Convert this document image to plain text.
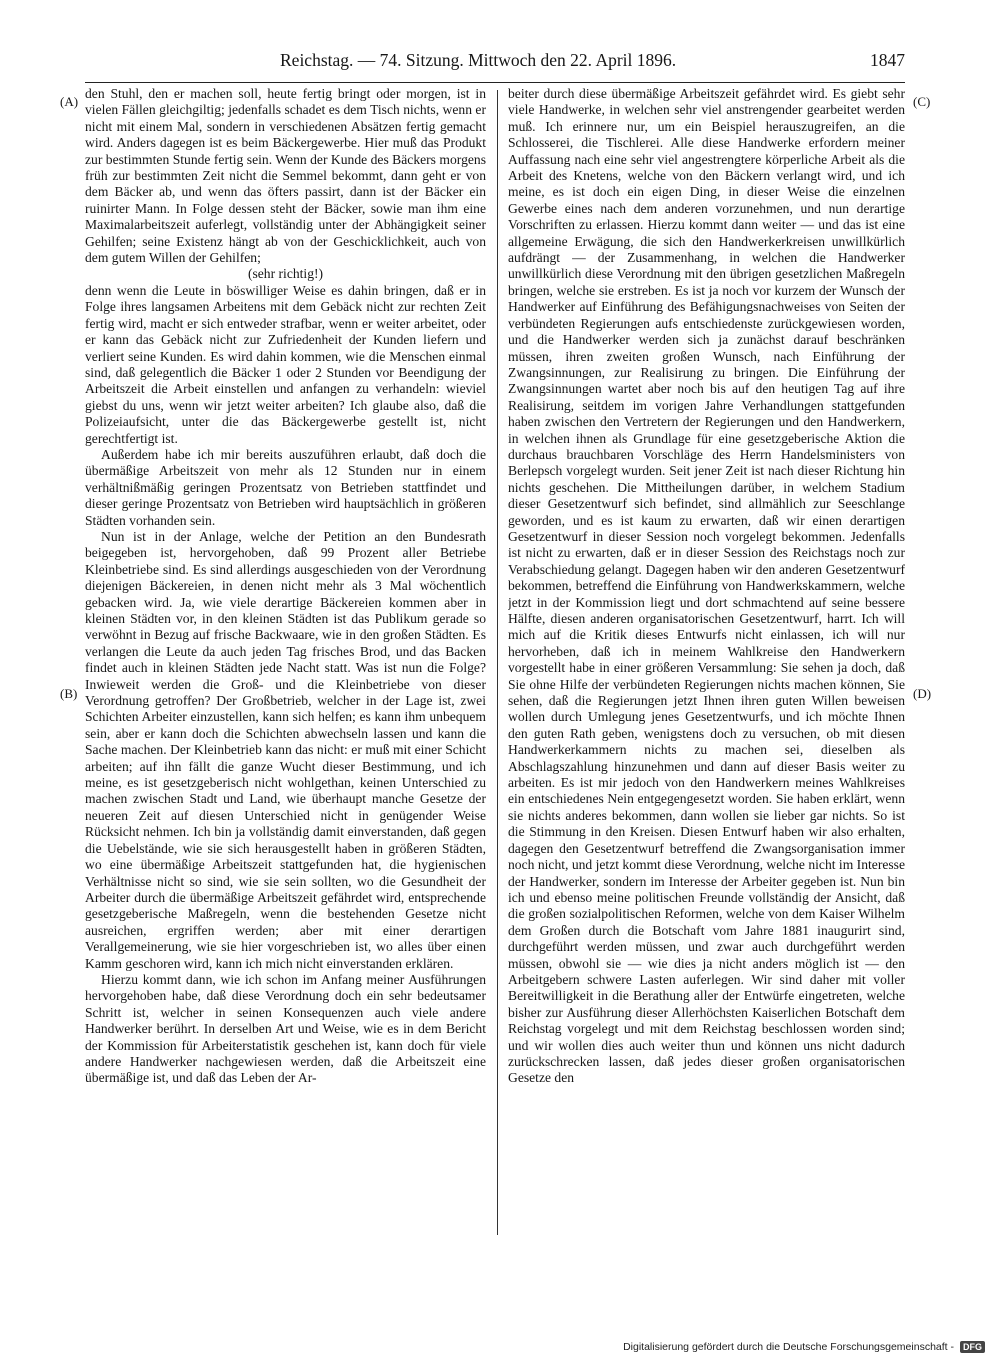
Reichstag. — 74. Sitzung. Mittwoch den 22. April 1896.	1847
(A)
(B)
(C)
(D)

den Stuhl, den er machen soll, heute fertig bringt oder morgen, ist in vielen Fällen gleichgiltig; jedenfalls schadet es dem Tisch nichts, wenn er nicht mit einem Mal, sondern in verschiedenen Absätzen fertig gemacht wird. Anders dagegen ist es beim Bäckergewerbe. Hier muß das Produkt zur bestimmten Stunde fertig sein. Wenn der Kunde des Bäckers morgens früh zur bestimmten Zeit nicht die Semmel bekommt, dann geht er von dem Bäcker ab, und wenn das öfters passirt, dann ist der Bäcker ein ruinirter Mann. In Folge dessen steht der Bäcker, sowie man ihm eine Maximalarbeitszeit auferlegt, vollständig unter der Abhängigkeit seiner Gehilfen; seine Existenz hängt ab von der Geschicklichkeit, auch von dem gutem Willen der Gehilfen;

(sehr richtig!)

denn wenn die Leute in böswilliger Weise es dahin bringen, daß er in Folge ihres langsamen Arbeitens mit dem Gebäck nicht zur rechten Zeit fertig wird, macht er sich entweder strafbar, wenn er weiter arbeitet, oder er kann das Gebäck nicht zur Zufriedenheit der Kunden liefern und verliert seine Kunden. Es wird dahin kommen, wie die Menschen einmal sind, daß gelegentlich die Bäcker 1 oder 2 Stunden vor Beendigung der Arbeitszeit die Arbeit einstellen und anfangen zu verhandeln: wieviel giebst du uns, wenn wir jetzt weiter arbeiten? Ich glaube also, daß die Polizeiaufsicht, unter die das Bäckergewerbe gestellt ist, nicht gerechtfertigt ist.

Außerdem habe ich mir bereits auszuführen erlaubt, daß doch die übermäßige Arbeitszeit von mehr als 12 Stunden nur in einem verhältnißmäßig geringen Prozentsatz von Betrieben stattfindet und dieser geringe Prozentsatz von Betrieben wird hauptsächlich in größeren Städten vorhanden sein.

Nun ist in der Anlage, welche der Petition an den Bundesrath beigegeben ist, hervorgehoben, daß 99 Prozent aller Betriebe Kleinbetriebe sind. Es sind allerdings ausgeschieden von der Verordnung diejenigen Bäckereien, in denen nicht mehr als 3 Mal wöchentlich gebacken wird. Ja, wie viele derartige Bäckereien kommen aber in kleinen Städten vor, in den kleinen Städten ist das Publikum gerade so verwöhnt in Bezug auf frische Backwaare, wie in den großen Städten. Es verlangen die Leute da auch jeden Tag frisches Brod, und das Backen findet auch in kleinen Städten jede Nacht statt. Was ist nun die Folge? Inwieweit werden die Groß- und die Kleinbetriebe von dieser Verordnung getroffen? Der Großbetrieb, welcher in der Lage ist, zwei Schichten Arbeiter einzustellen, kann sich helfen; es kann ihm unbequem sein, aber er kann doch die Schichten abwechseln lassen und kann die Sache machen. Der Kleinbetrieb kann das nicht: er muß mit einer Schicht arbeiten; auf ihn fällt die ganze Wucht dieser Bestimmung, und ich meine, es ist gesetzgeberisch nicht wohlgethan, keinen Unterschied zu machen zwischen Stadt und Land, wie überhaupt manche Gesetze der neueren Zeit auf diesen Unterschied nicht in genügender Weise Rücksicht nehmen. Ich bin ja vollständig damit einverstanden, daß gegen die Uebelstände, wie sie sich herausgestellt haben in größeren Städten, wo eine übermäßige Arbeitszeit stattgefunden hat, die hygienischen Verhältnisse nicht so sind, wie sie sein sollten, wo die Gesundheit der Arbeiter durch die übermäßige Arbeitszeit gefährdet wird, entsprechende gesetzgeberische Maßregeln, wenn die bestehenden Gesetze nicht ausreichen, ergriffen werden; aber mit einer derartigen Verallgemeinerung, wie sie hier vorgeschrieben ist, wo alles über einen Kamm geschoren wird, kann ich mich nicht einverstanden erklären.

Hierzu kommt dann, wie ich schon im Anfang meiner Ausführungen hervorgehoben habe, daß diese Verordnung doch ein sehr bedeutsamer Schritt ist, welcher in seinen Konsequenzen auch viele andere Handwerker berührt. In derselben Art und Weise, wie es in dem Bericht der Kommission für Arbeiterstatistik geschehen ist, kann doch für viele andere Handwerker nachgewiesen werden, daß die Arbeitszeit eine übermäßige ist, und daß das Leben der Ar-

beiter durch diese übermäßige Arbeitszeit gefährdet wird. Es giebt sehr viele Handwerke, in welchen sehr viel anstrengender gearbeitet werden muß. Ich erinnere nur, um ein Beispiel herauszugreifen, an die Schlosserei, die Tischlerei. Alle diese Handwerke erfordern meiner Auffassung nach eine sehr viel angestrengtere körperliche Arbeit als die Arbeit des Knetens, welche von den Bäckern verlangt wird, und ich meine, es ist doch ein eigen Ding, in dieser Weise die einzelnen Gewerbe eines nach dem anderen vorzunehmen, und nun derartige Vorschriften zu erlassen. Hierzu kommt dann weiter — und das ist eine allgemeine Erwägung, die sich den Handwerkerkreisen unwillkürlich aufdrängt — der Zusammenhang, in welchen die Handwerker unwillkürlich diese Verordnung mit den übrigen gesetzlichen Maßregeln bringen, welche sie erstreben. Es ist ja noch vor kurzem der Wunsch der Handwerker auf Einführung des Befähigungsnachweises von Seiten der verbündeten Regierungen aufs entschiedenste zurückgewiesen worden, und die Handwerker werden sich ja zunächst darauf beschränken müssen, ihren zweiten großen Wunsch, nach Einführung der Zwangsinnungen, zur Realisirung zu bringen. Die Einführung der Zwangsinnungen wartet aber noch bis auf den heutigen Tag auf ihre Realisirung, seitdem im vorigen Jahre Verhandlungen stattgefunden haben zwischen den Vertretern der Regierungen und den Handwerkern, in welchen ihnen als Grundlage für eine gesetzgeberische Aktion die durchaus brauchbaren Vorschläge des Herrn Handelsministers von Berlepsch vorgelegt wurden. Seit jener Zeit ist nach dieser Richtung hin nichts geschehen. Die Mittheilungen darüber, in welchem Stadium dieser Gesetzentwurf sich befindet, sind allmählich zur Seeschlange geworden, und es ist kaum zu erwarten, daß wir einen derartigen Gesetzentwurf in dieser Session noch vorgelegt bekommen. Jedenfalls ist nicht zu erwarten, daß er in dieser Session des Reichstags noch zur Verabschiedung gelangt. Dagegen haben wir den anderen Gesetzentwurf bekommen, betreffend die Einführung von Handwerkskammern, welche jetzt in der Kommission liegt und dort schmachtend auf seine bessere Hälfte, diesen anderen organisatorischen Gesetzentwurf, harrt. Ich will mich auf die Kritik dieses Entwurfs nicht einlassen, ich will nur hervorheben, daß ich in meinem Wahlkreise den Handwerkern vorgestellt habe in einer größeren Versammlung: Sie sehen ja doch, daß Sie ohne Hilfe der verbündeten Regierungen nichts machen können, Sie sehen, daß die Regierungen jetzt Ihnen ihren guten Willen beweisen wollen durch Umlegung jenes Gesetzentwurfs, und ich möchte Ihnen den guten Rath geben, wenigstens doch zu versuchen, ob mit diesen Handwerkerkammern nichts zu machen sei, dieselben als Abschlagszahlung hinzunehmen und dann auf dieser Basis weiter zu arbeiten. Es ist mir jedoch von den Handwerkern meines Wahlkreises ein entschiedenes Nein entgegengesetzt worden. Sie haben erklärt, wenn sie nichts anderes bekommen, dann wollen sie lieber gar nichts. So ist die Stimmung in den Kreisen. Diesen Entwurf haben wir also erhalten, dagegen den Gesetzentwurf betreffend die Zwangsorganisation immer noch nicht, und jetzt kommt diese Verordnung, welche nicht im Interesse der Handwerker, sondern im Interesse der Arbeiter gegeben ist. Nun bin ich und ebenso meine politischen Freunde vollständig der Ansicht, daß die großen sozialpolitischen Reformen, welche von dem Kaiser Wilhelm dem Großen durch die Botschaft vom Jahre 1881 inaugurirt sind, durchgeführt werden müssen, und zwar auch durchgeführt werden müssen, obwohl sie — wie dies ja nicht anders möglich ist — den Arbeitgebern schwere Lasten auferlegen. Wir sind daher mit voller Bereitwilligkeit in die Berathung aller der Entwürfe eingetreten, welche bisher zur Ausführung dieser Allerhöchsten Kaiserlichen Botschaft dem Reichstag vorgelegt und mit dem Reichstag beschlossen worden sind; und wir wollen dies auch weiter thun und können uns nicht dadurch zurückschrecken lassen, daß jedes dieser großen organisatorischen Gesetze den

Digitalisierung gefördert durch die Deutsche Forschungsgemeinschaft -	DFG
